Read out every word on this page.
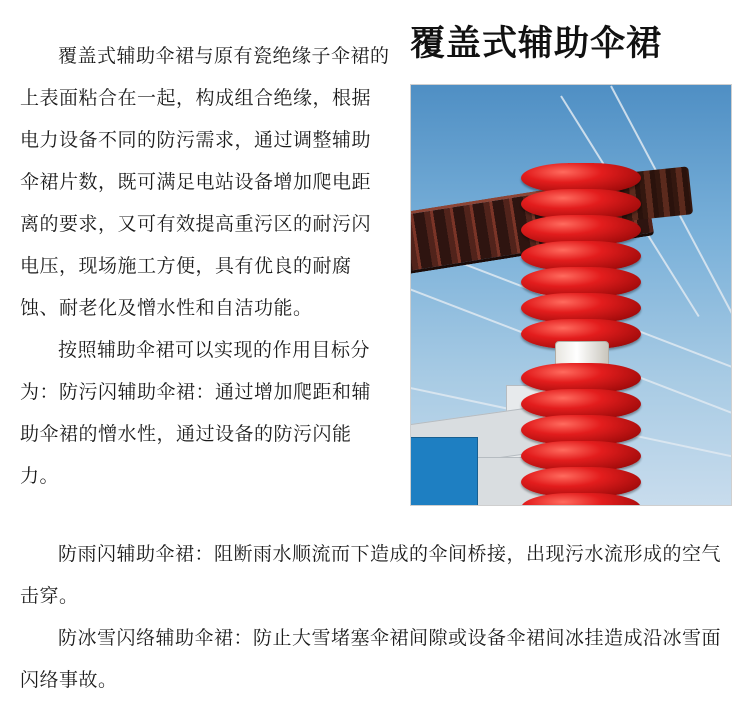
覆盖式辅助伞裙

覆盖式辅助伞裙与原有瓷绝缘子伞裙的上表面粘合在一起，构成组合绝缘，根据电力设备不同的防污需求，通过调整辅助伞裙片数，既可满足电站设备增加爬电距离的要求，又可有效提高重污区的耐污闪电压，现场施工方便，具有优良的耐腐蚀、耐老化及憎水性和自洁功能。

按照辅助伞裙可以实现的作用目标分为：防污闪辅助伞裙：通过增加爬距和辅助伞裙的憎水性，通过设备的防污闪能力。

防雨闪辅助伞裙：阻断雨水顺流而下造成的伞间桥接，出现污水流形成的空气击穿。

防冰雪闪络辅助伞裙：防止大雪堵塞伞裙间隙或设备伞裙间冰挂造成沿冰雪面闪络事故。
